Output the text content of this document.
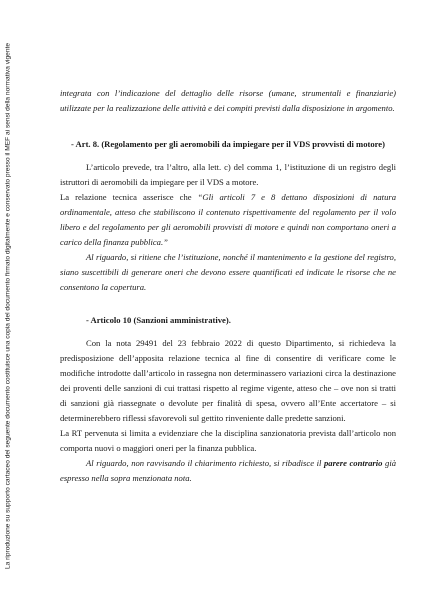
La riproduzione su supporto cartaceo del seguente documento costituisce una copia del documento firmato digitalmente e conservato presso il MEF ai sensi della normativa vigente	integrata con l’indicazione del dettaglio delle risorse (umane, strumentali e finanziarie) utilizzate per la realizzazione delle attività e dei compiti previsti dalla disposizione in argomento.

- Art. 8. (Regolamento per gli aeromobili da impiegare per il VDS provvisti di motore)

L’articolo prevede, tra l’altro, alla lett. c) del comma 1, l’istituzione di un registro degli istruttori di aeromobili da impiegare per il VDS a motore.

La relazione tecnica asserisce che “Gli articoli 7 e 8 dettano disposizioni di natura ordinamentale, atteso che stabiliscono il contenuto rispettivamente del regolamento per il volo libero e del regolamento per gli aeromobili provvisti di motore e quindi non comportano oneri a carico della finanza pubblica.”

Al riguardo, si ritiene che l’istituzione, nonché il mantenimento e la gestione del registro, siano suscettibili di generare oneri che devono essere quantificati ed indicate le risorse che ne consentono la copertura.

- Articolo 10 (Sanzioni amministrative).

Con la nota 29491 del 23 febbraio 2022 di questo Dipartimento, si richiedeva la predisposizione dell’apposita relazione tecnica al fine di consentire di verificare come le modifiche introdotte dall’articolo in rassegna non determinassero variazioni circa la destinazione dei proventi delle sanzioni di cui trattasi rispetto al regime vigente, atteso che – ove non si tratti di sanzioni già riassegnate o devolute per finalità di spesa, ovvero all’Ente accertatore – si determinerebbero riflessi sfavorevoli sul gettito rinveniente dalle predette sanzioni.

La RT pervenuta si limita a evidenziare che la disciplina sanzionatoria prevista dall’articolo non comporta nuovi o maggiori oneri per la finanza pubblica.

Al riguardo, non ravvisando il chiarimento richiesto, si ribadisce il parere contrario già espresso nella sopra menzionata nota.
